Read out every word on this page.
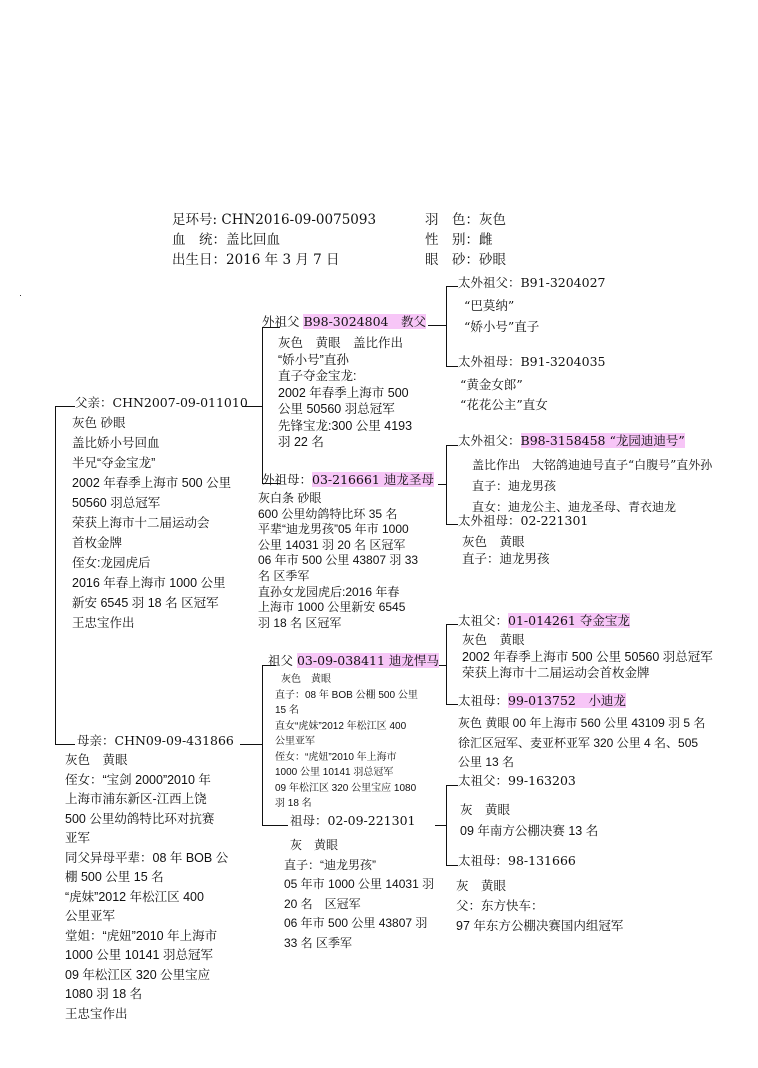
足环号: CHN2016-09-0075093
血　统：盖比回血
出生日：2016 年 3 月 7 日
羽　色：灰色
性　别：雌
眼　砂：砂眼
父亲：CHN2007-09-011010
灰色 砂眼
盖比娇小号回血
半兄“夺金宝龙”
2002 年春季上海市 500 公里
50560 羽总冠军
荣获上海市十二届运动会
首枚金牌
侄女:龙园虎后
2016 年春上海市 1000 公里
新安 6545 羽 18 名 区冠军
王忠宝作出
母亲：CHN09-09-431866
灰色　黄眼
侄女：“宝剑 2000”2010 年
上海市浦东新区-江西上饶
500 公里幼鸽特比环对抗赛
亚军
同父异母平辈：08 年 BOB 公
棚 500 公里 15 名
“虎妹”2012 年松江区 400
公里亚军
堂姐：“虎妞”2010 年上海市
1000 公里 10141 羽总冠军
09 年松江区 320 公里宝应
1080 羽 18 名
王忠宝作出
外祖父 B98-3024804　教父
灰色　黄眼　盖比作出
“娇小号”直孙
直子夺金宝龙:
2002 年春季上海市 500
公里 50560 羽总冠军
先锋宝龙:300 公里 4193
羽 22 名
外祖母：03-216661 迪龙圣母
灰白条 砂眼
600 公里幼鸽特比环 35 名
平辈“迪龙男孩”05 年市 1000
公里 14031 羽 20 名 区冠军
06 年市 500 公里 43807 羽 33
名 区季军
直孙女龙园虎后:2016 年春
上海市 1000 公里新安 6545
羽 18 名 区冠军
祖父 03-09-038411 迪龙悍马
灰色　黄眼
直子：08 年 BOB 公棚 500 公里
15 名
直女“虎妹”2012 年松江区 400
公里亚军
侄女：“虎妞”2010 年上海市
1000 公里 10141 羽总冠军
09 年松江区 320 公里宝应 1080
羽 18 名
祖母：02-09-221301
灰　黄眼
直子：“迪龙男孩”
05 年市 1000 公里 14031 羽
20 名　区冠军
06 年市 500 公里 43807 羽
33 名 区季军
太外祖父：B91-3204027
“巴莫纳”
“娇小号”直子
太外祖母：B91-3204035
“黄金女郎”
“花花公主”直女
太外祖父：B98-3158458 “龙园迪迪号”
盖比作出　大铭鸽迪迪号直子“白腹号”直外孙
直子：迪龙男孩
直女：迪龙公主、迪龙圣母、青衣迪龙
太外祖母：02-221301
灰色　黄眼
直子：迪龙男孩
太祖父：01-014261 夺金宝龙
灰色　黄眼
2002 年春季上海市 500 公里 50560 羽总冠军
荣获上海市十二届运动会首枚金牌
太祖母：99-013752　小迪龙
灰色 黄眼 00 年上海市 560 公里 43109 羽 5 名
徐汇区冠军、麦亚杯亚军 320 公里 4 名、505
公里 13 名
太祖父：99-163203
灰　黄眼
09 年南方公棚决赛 13 名
太祖母：98-131666
灰　黄眼
父：东方快车：
97 年东方公棚决赛国内组冠军
